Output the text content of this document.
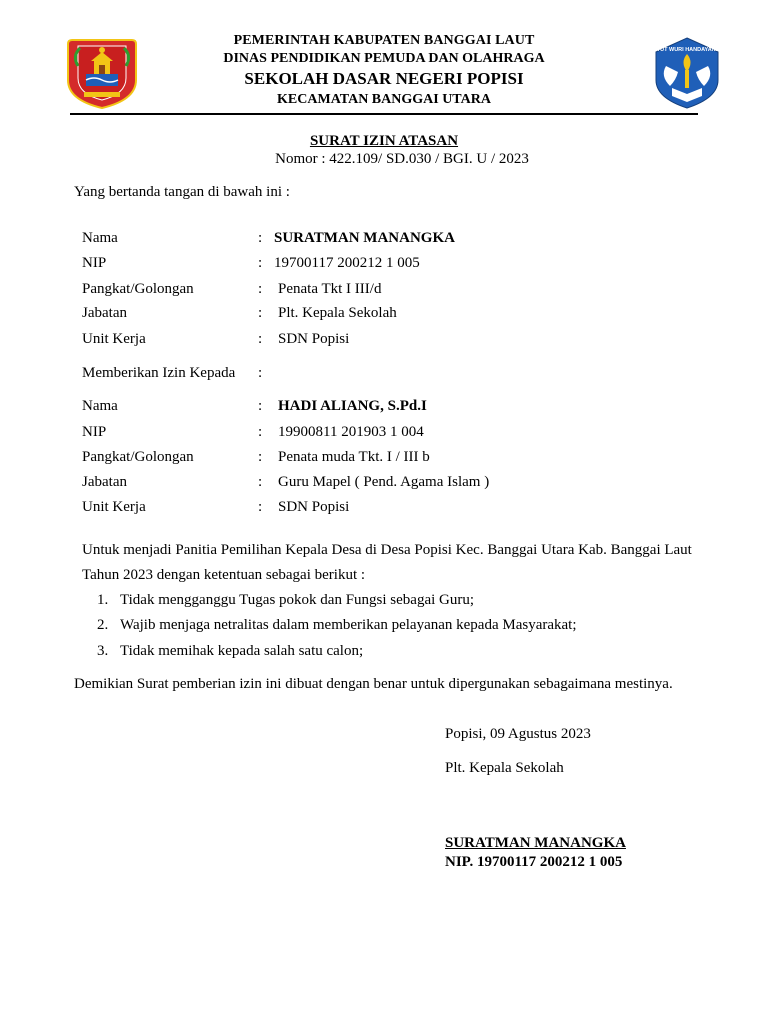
TUT WURI HANDAYANI
PEMERINTAH KABUPATEN BANGGAI LAUT
DINAS PENDIDIKAN PEMUDA DAN OLAHRAGA
SEKOLAH DASAR NEGERI POPISI
KECAMATAN BANGGAI UTARA
SURAT IZIN ATASAN
Nomor : 422.109/ SD.030 / BGI. U / 2023
Yang bertanda tangan di bawah ini :
Nama	: SURATMAN MANANGKA
NIP	: 19700117 200212 1 005
Pangkat/Golongan	: Penata Tkt I III/d
Jabatan	: Plt. Kepala Sekolah
Unit Kerja	: SDN Popisi
Memberikan Izin Kepada :
Nama	: HADI ALIANG, S.Pd.I
NIP	: 19900811 201903 1 004
Pangkat/Golongan	: Penata muda Tkt. I / III b
Jabatan	: Guru Mapel ( Pend. Agama Islam )
Unit Kerja	: SDN Popisi
Untuk menjadi Panitia Pemilihan Kepala Desa di Desa Popisi Kec. Banggai Utara Kab. Banggai Laut
Tahun 2023 dengan ketentuan sebagai berikut :
1. Tidak mengganggu Tugas pokok dan Fungsi sebagai Guru;
2. Wajib menjaga netralitas dalam memberikan pelayanan kepada Masyarakat;
3. Tidak memihak kepada salah satu calon;
Demikian Surat pemberian izin ini dibuat dengan benar untuk dipergunakan sebagaimana mestinya.
Popisi, 09 Agustus 2023
Plt. Kepala Sekolah
SURATMAN MANANGKA
NIP. 19700117 200212 1 005
